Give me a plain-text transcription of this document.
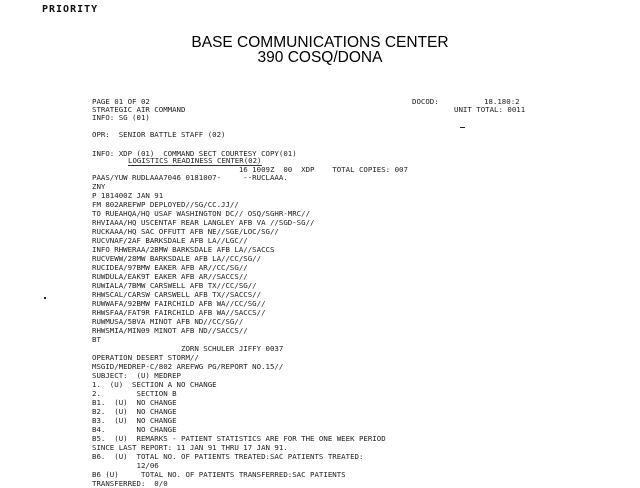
PRIORITY
BASE COMMUNICATIONS CENTER
390 COSQ/DONA
PAGE 01 OF 02
STRATEGIC AIR COMMAND
INFO: SG (01)
DOCOD:	18.180:2
UNIT TOTAL: 0011
OPR:  SENIOR BATTLE STAFF (02)
INFO: XDP (01)  COMMAND SECT COURTESY COPY(01)
LOGISTICS READINESS CENTER(02)
16 1009Z  00  XDP    TOTAL COPIES: 007
PAAS/YUW RUDLAAA7046 0181007-     --RUCLAAA.
ZNY
P 181400Z JAN 91
FM 802AREFWP DEPLOYED//SG/CC.JJ//
TO RUEAHQA/HQ USAF WASHINGTON DC// OSQ/SGHR-MRC//
RHVIAAA/HQ USCENTAF REAR LANGLEY AFB VA //SGD-SG//
RUCKAAA/HQ SAC OFFUTT AFB NE//SGE/LOC/SG//
RUCVNAF/2AF BARKSDALE AFB LA//LGC//
INFO RHWERAA/2BMW BARKSDALE AFB LA//SACCS
RUCVEWW/28MW BARKSDALE AFB LA//CC/SG//
RUCIDEA/97BMW EAKER AFB AR//CC/SG//
RUWDULA/EAK9T EAKER AFB AR//SACCS//
RUWIALA/7BMW CARSWELL AFB TX//CC/SG//
RHWSCAL/CARSW CARSWELL AFB TX//SACCS//
RUWWAFA/92BMW FAIRCHILD AFB WA//CC/SG//
RHWSFAA/FAT9R FAIRCHILD AFB WA//SACCS//
RUWMUSA/5BVA MINOT AFB ND//CC/SG//
RHWSMIA/MIN09 MINOT AFB ND//SACCS//
BT
ZORN SCHULER JIFFY 0037
OPERATION DESERT STORM//
MSGID/MEDREP-C/802 AREFWG PG/REPORT NO.15//
SUBJECT:  (U) MEDREP
1.  (U)  SECTION A NO CHANGE
2.        SECTION B
B1.  (U)  NO CHANGE
B2.  (U)  NO CHANGE
B3.  (U)  NO CHANGE
B4.       NO CHANGE
B5.  (U)  REMARKS - PATIENT STATISTICS ARE FOR THE ONE WEEK PERIOD
SINCE LAST REPORT: 11 JAN 91 THRU 17 JAN 91.
B6.  (U)  TOTAL NO. OF PATIENTS TREATED:SAC PATIENTS TREATED:
12/06
B6 (U)     TOTAL NO. OF PATIENTS TRANSFERRED:SAC PATIENTS
TRANSFERRED:  0/0
